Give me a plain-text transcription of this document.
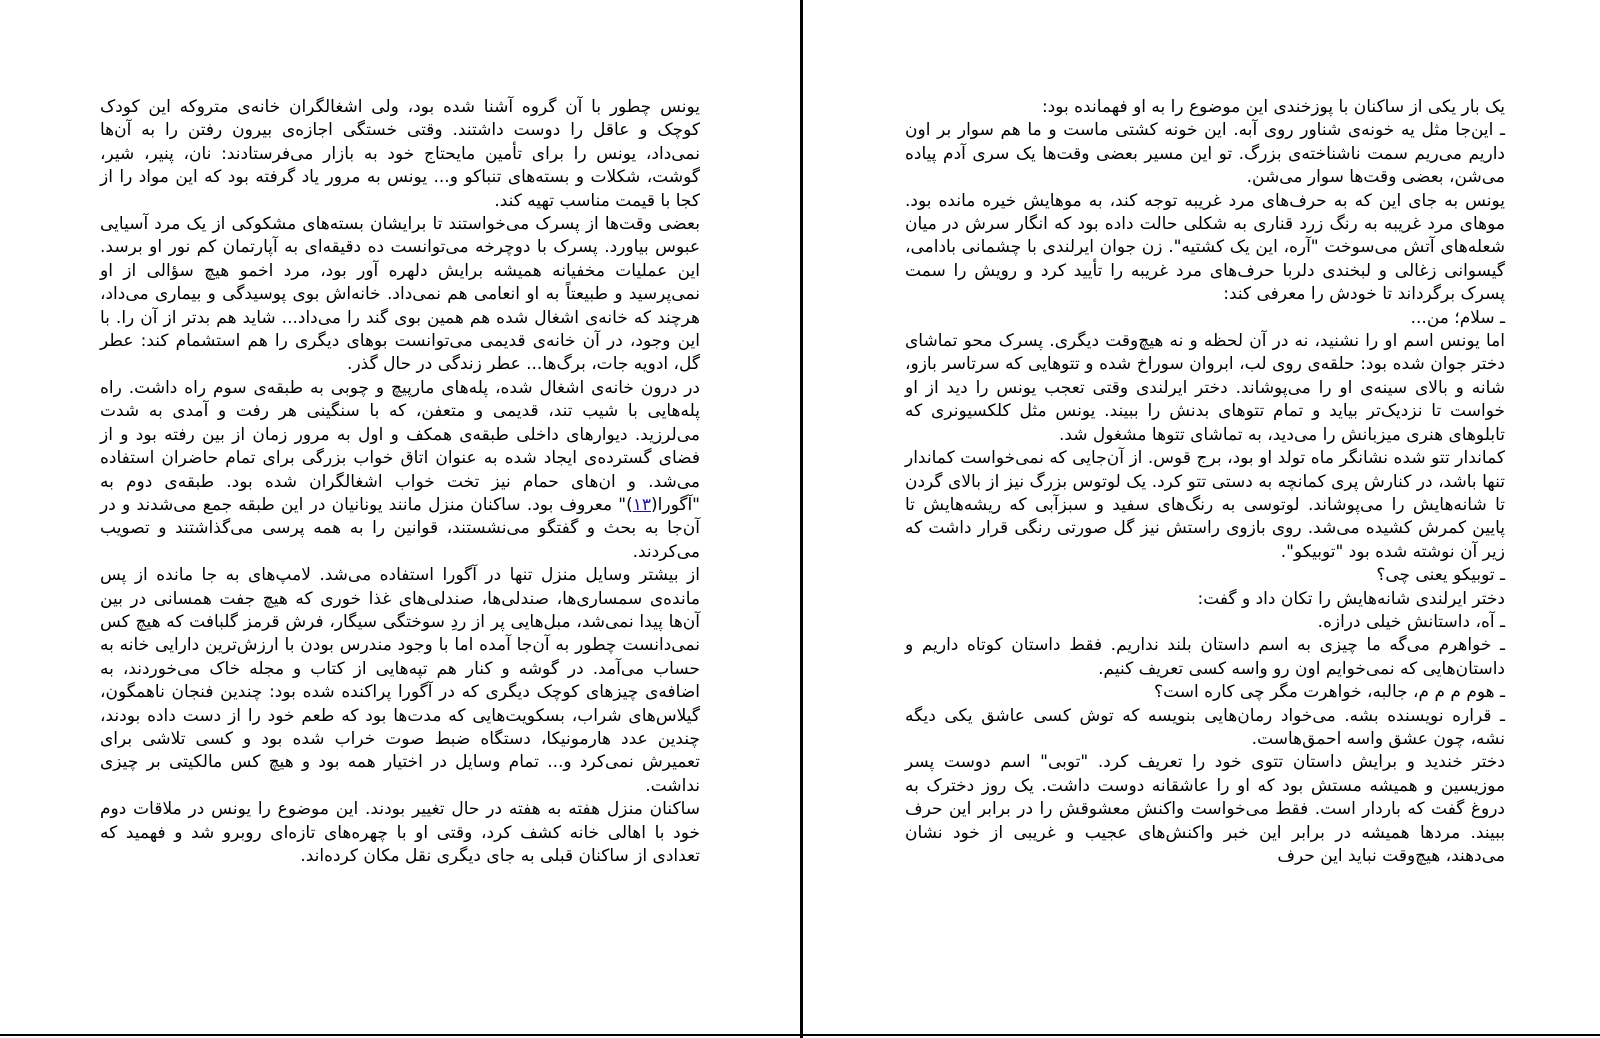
یونس چطور با آن گروه آشنا شده بود، ولی اشغالگران خانه‌ی متروکه این کودک کوچک و عاقل را دوست داشتند. وقتی خستگی اجازه‌ی بیرون رفتن را به آن‌ها نمی‌داد، یونس را برای تأمین مایحتاج خود به بازار می‌فرستادند: نان، پنیر، شیر، گوشت، شکلات و بسته‌های تنباکو و... یونس به مرور یاد گرفته بود که این مواد را از کجا با قیمت مناسب تهیه کند.

بعضی وقت‌ها از پسرک می‌خواستند تا برایشان بسته‌های مشکوکی از یک مرد آسیایی عبوس بیاورد. پسرک با دوچرخه می‌توانست ده دقیقه‌ای به آپارتمان کم نور او برسد. این عملیات مخفیانه همیشه برایش دلهره آور بود، مرد اخمو هیچ سؤالی از او نمی‌پرسید و طبیعتاً به او انعامی هم نمی‌داد. خانه‌اش بوی پوسیدگی و بیماری می‌داد، هرچند که خانه‌ی اشغال شده هم همین بوی گند را می‌داد... شاید هم بدتر از آن را. با این وجود، در آن خانه‌ی قدیمی می‌توانست بوهای دیگری را هم استشمام کند: عطر گل، ادویه جات، برگ‌ها... عطر زندگی در حال گذر.

در درون خانه‌ی اشغال شده، پله‌های مارپیچ و چوبی به طبقه‌ی سوم راه داشت. راه پله‌هایی با شیب تند، قدیمی و متعفن، که با سنگینی هر رفت و آمدی به شدت می‌لرزید. دیوارهای داخلی طبقه‌ی همکف و اول به مرور زمان از بین رفته بود و از فضای گسترده‌ی ایجاد شده به عنوان اتاق خواب بزرگی برای تمام حاضران استفاده می‌شد. و ان‌های حمام نیز تخت خواب اشغالگران شده بود. طبقه‌ی دوم به "آگورا(۱۳)" معروف بود. ساکنان منزل مانند یونانیان در این طبقه جمع می‌شدند و در آن‌جا به بحث و گفتگو می‌نشستند، قوانین را به همه پرسی می‌گذاشتند و تصویب می‌کردند.

از بیشتر وسایل منزل تنها در آگورا استفاده می‌شد. لامپ‌های به جا مانده از پس مانده‌ی سمساری‌ها، صندلی‌ها، صندلی‌های غذا خوری که هیچ جفت همسانی در بین آن‌ها پیدا نمی‌شد، مبل‌هایی پر از ردِ سوختگی سیگار، فرش قرمز گلبافت که هیچ کس نمی‌دانست چطور به آن‌جا آمده اما با وجود مندرس بودن با ارزش‌ترین دارایی خانه به حساب می‌آمد. در گوشه و کنار هم تپه‌هایی از کتاب و مجله خاک می‌خوردند، به اضافه‌ی چیزهای کوچک دیگری که در آگورا پراکنده شده بود: چندین فنجان ناهمگون، گیلاس‌های شراب، بسکویت‌هایی که مدت‌ها بود که طعم خود را از دست داده بودند، چندین عدد هارمونیکا، دستگاه ضبط صوت خراب شده بود و کسی تلاشی برای تعمیرش نمی‌کرد و... تمام وسایل در اختیار همه بود و هیچ کس مالکیتی بر چیزی نداشت.

ساکنان منزل هفته به هفته در حال تغییر بودند. این موضوع را یونس در ملاقات دوم خود با اهالی خانه کشف کرد، وقتی او با چهره‌های تازه‌ای روبرو شد و فهمید که تعدادی از ساکنان قبلی به جای دیگری نقل مکان کرده‌اند.

یک بار یکی از ساکنان با پوزخندی این موضوع را به او فهمانده بود:

ـ این‌جا مثل یه خونه‌ی شناور روی آبه. این خونه کشتی ماست و ما هم سوار بر اون داریم می‌ریم سمت ناشناخته‌ی بزرگ. تو این مسیر بعضی وقت‌ها یک سری آدم پیاده می‌شن، بعضی وقت‌ها سوار می‌شن.

یونس به جای این که به حرف‌های مرد غریبه توجه کند، به موهایش خیره مانده بود. موهای مرد غریبه به رنگ زرد قناری به شکلی حالت داده بود که انگار سرش در میان شعله‌های آتش می‌سوخت "آره، این یک کشتیه". زن جوان ایرلندی با چشمانی بادامی، گیسوانی زغالی و لبخندی دلربا حرف‌های مرد غریبه را تأیید کرد و رویش را سمت پسرک برگرداند تا خودش را معرفی کند:

ـ سلام؛ من...

اما یونس اسم او را نشنید، نه در آن لحظه و نه هیچ‌وقت دیگری. پسرک محو تماشای دختر جوان شده بود: حلقه‌ی روی لب، ابروان سوراخ شده و تتوهایی که سرتاسر بازو، شانه و بالای سینه‌ی او را می‌پوشاند. دختر ایرلندی وقتی تعجب یونس را دید از او خواست تا نزدیک‌تر بیاید و تمام تتوهای بدنش را ببیند. یونس مثل کلکسیونری که تابلوهای هنری میزبانش را می‌دید، به تماشای تتوها مشغول شد.

کماندار تتو شده نشانگر ماه تولد او بود، برج قوس. از آن‌جایی که نمی‌خواست کماندار تنها باشد، در کنارش پری کمانچه به دستی تتو کرد. یک لوتوس بزرگ نیز از بالای گردن تا شانه‌هایش را می‌پوشاند. لوتوسی به رنگ‌های سفید و سبزآبی که ریشه‌هایش تا پایین کمرش کشیده می‌شد. روی بازوی راستش نیز گل صورتی رنگی قرار داشت که زیر آن نوشته شده بود "توبیکو".

ـ توبیکو یعنی چی؟

دختر ایرلندی شانه‌هایش را تکان داد و گفت:

ـ آه، داستانش خیلی درازه.

ـ خواهرم می‌گه ما چیزی به اسم داستان بلند نداریم. فقط داستان کوتاه داریم و داستان‌هایی که نمی‌خوایم اون رو واسه کسی تعریف کنیم.

ـ هوم م م م، جالبه، خواهرت مگر چی کاره است؟

ـ قراره نویسنده بشه. می‌خواد رمان‌هایی بنویسه که توش کسی عاشق یکی دیگه نشه، چون عشق واسه احمق‌هاست.

دختر خندید و برایش داستان تتوی خود را تعریف کرد. "توبی" اسم دوست پسر موزیسین و همیشه مستش بود که او را عاشقانه دوست داشت. یک روز دخترک به دروغ گفت که باردار است. فقط می‌خواست واکنش معشوقش را در برابر این حرف ببیند. مردها همیشه در برابر این خبر واکنش‌های عجیب و غریبی از خود نشان می‌دهند، هیچ‌وقت نباید این حرف
